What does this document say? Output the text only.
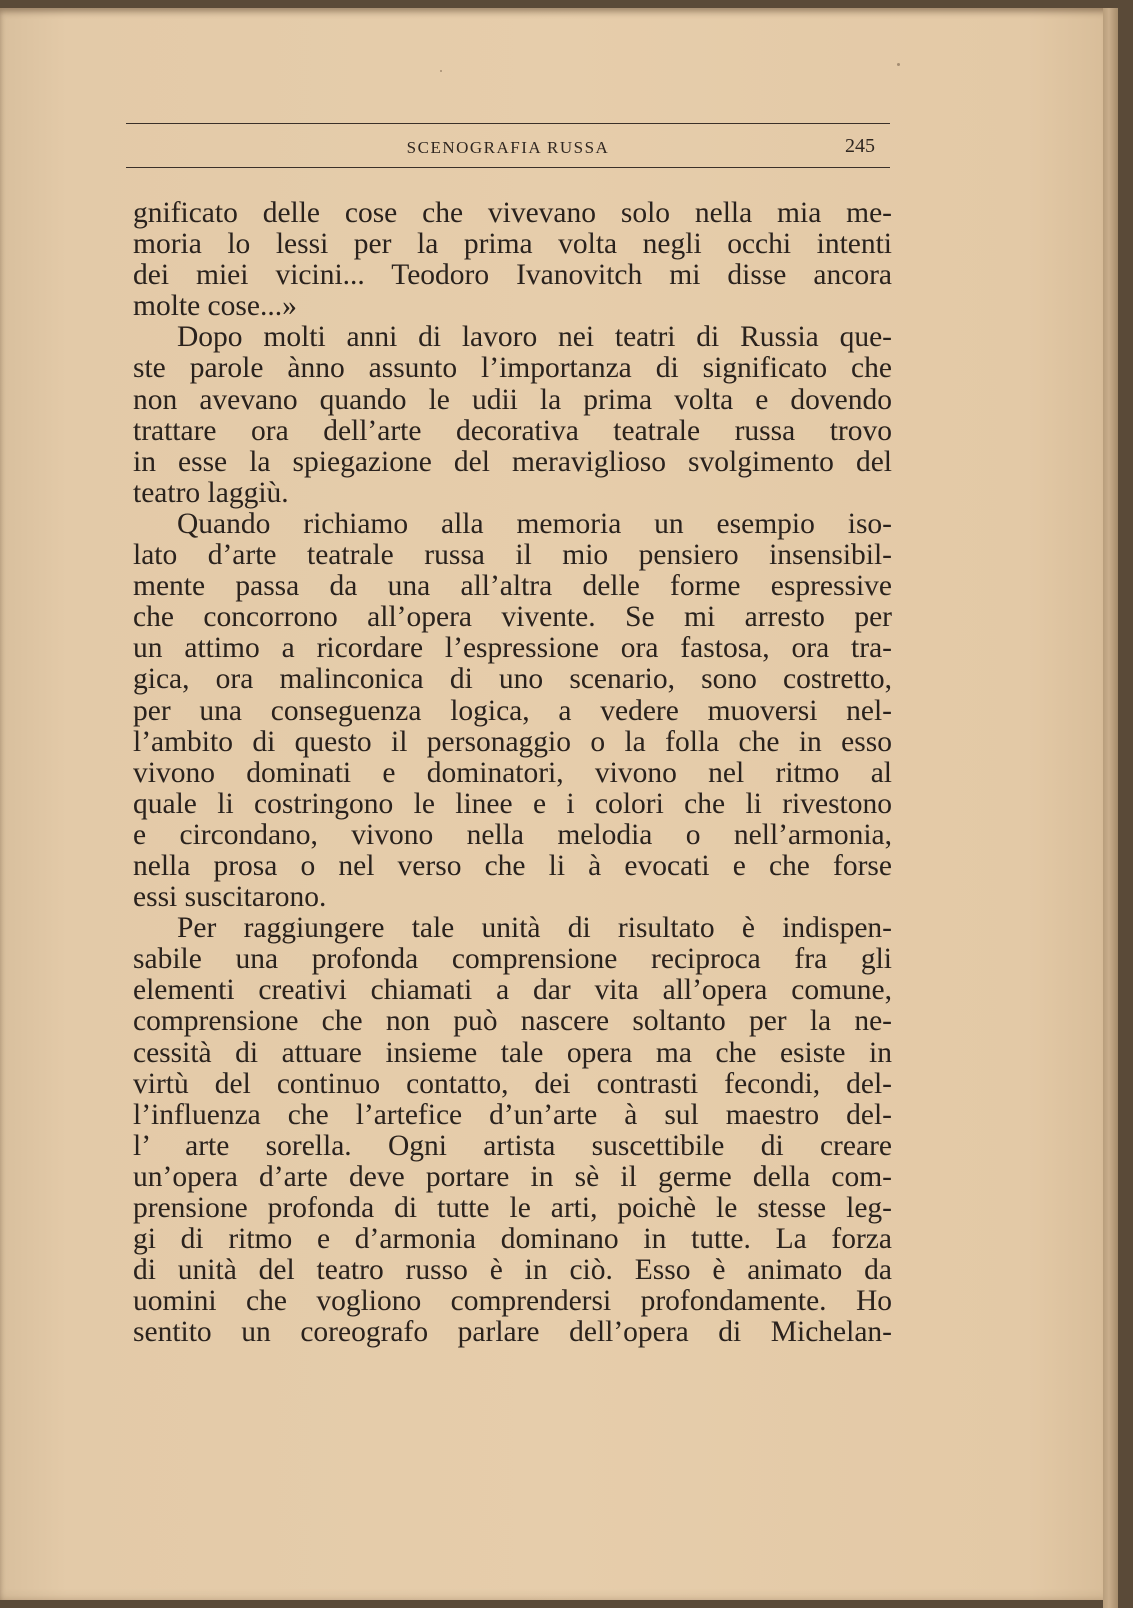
SCENOGRAFIA RUSSA	245
gnificato delle cose che vivevano solo nella mia me-
moria lo lessi per la prima volta negli occhi intenti
dei miei vicini... Teodoro Ivanovitch mi disse ancora
molte cose...»
Dopo molti anni di lavoro nei teatri di Russia que-
ste parole ànno assunto l’importanza di significato che
non avevano quando le udii la prima volta e dovendo
trattare ora dell’arte decorativa teatrale russa trovo
in esse la spiegazione del meraviglioso svolgimento del
teatro laggiù.
Quando richiamo alla memoria un esempio iso-
lato d’arte teatrale russa il mio pensiero insensibil-
mente passa da una all’altra delle forme espressive
che concorrono all’opera vivente. Se mi arresto per
un attimo a ricordare l’espressione ora fastosa, ora tra-
gica, ora malinconica di uno scenario, sono costretto,
per una conseguenza logica, a vedere muoversi nel-
l’ambito di questo il personaggio o la folla che in esso
vivono dominati e dominatori, vivono nel ritmo al
quale li costringono le linee e i colori che li rivestono
e circondano, vivono nella melodia o nell’armonia,
nella prosa o nel verso che li à evocati e che forse
essi suscitarono.
Per raggiungere tale unità di risultato è indispen-
sabile una profonda comprensione reciproca fra gli
elementi creativi chiamati a dar vita all’opera comune,
comprensione che non può nascere soltanto per la ne-
cessità di attuare insieme tale opera ma che esiste in
virtù del continuo contatto, dei contrasti fecondi, del-
l’influenza che l’artefice d’un’arte à sul maestro del-
l’ arte sorella. Ogni artista suscettibile di creare
un’opera d’arte deve portare in sè il germe della com-
prensione profonda di tutte le arti, poichè le stesse leg-
gi di ritmo e d’armonia dominano in tutte. La forza
di unità del teatro russo è in ciò. Esso è animato da
uomini che vogliono comprendersi profondamente. Ho
sentito un coreografo parlare dell’opera di Michelan-
